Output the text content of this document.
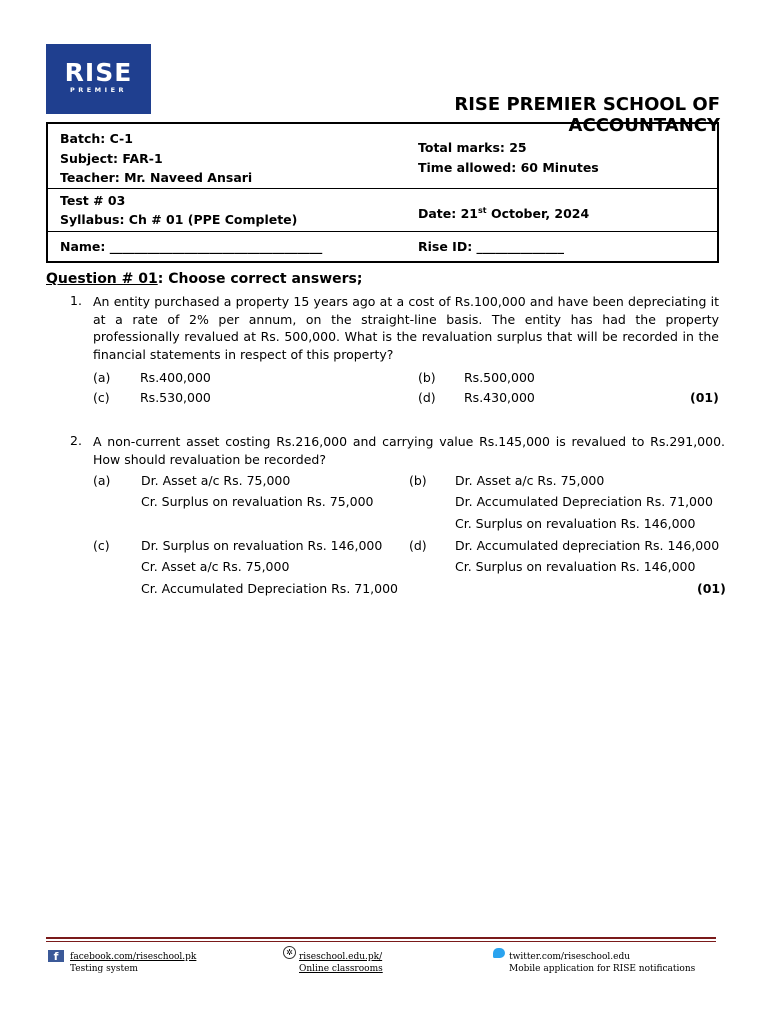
RISE
PREMIER
RISE PREMIER SCHOOL OF ACCOUNTANCY
Batch: C-1
Subject: FAR-1
Teacher: Mr. Naveed Ansari
Total marks: 25
Time allowed: 60 Minutes
Test # 03
Syllabus: Ch # 01 (PPE Complete)	Date: 21st October, 2024
Name: __________________________________	Rise ID: ______________
Question # 01: Choose correct answers;
1. An entity purchased a property 15 years ago at a cost of Rs.100,000 and have been depreciating it at a rate of 2% per annum, on the straight-line basis. The entity has had the property professionally revalued at Rs. 500,000. What is the revaluation surplus that will be recorded in the financial statements in respect of this property?
(a) Rs.400,000	(b) Rs.500,000
(c) Rs.530,000	(d) Rs.430,000	(01)
2. A non-current asset costing Rs.216,000 and carrying value Rs.145,000 is revalued to Rs.291,000. How should revaluation be recorded?
(a) Dr. Asset a/c Rs. 75,000
Cr. Surplus on revaluation Rs. 75,000
(b) Dr. Asset a/c Rs. 75,000
Dr. Accumulated Depreciation Rs. 71,000
Cr. Surplus on revaluation Rs. 146,000
(c)	Dr. Surplus on revaluation Rs. 146,000
Cr. Asset a/c Rs. 75,000
Cr. Accumulated Depreciation Rs. 71,000
(d) Dr. Accumulated depreciation Rs. 146,000
Cr. Surplus on revaluation Rs. 146,000
(01)
f	facebook.com/riseschool.pk
Testing system
✲ riseschool.edu.pk/
Online classrooms
twitter.com/riseschool.edu
Mobile application for RISE notifications
